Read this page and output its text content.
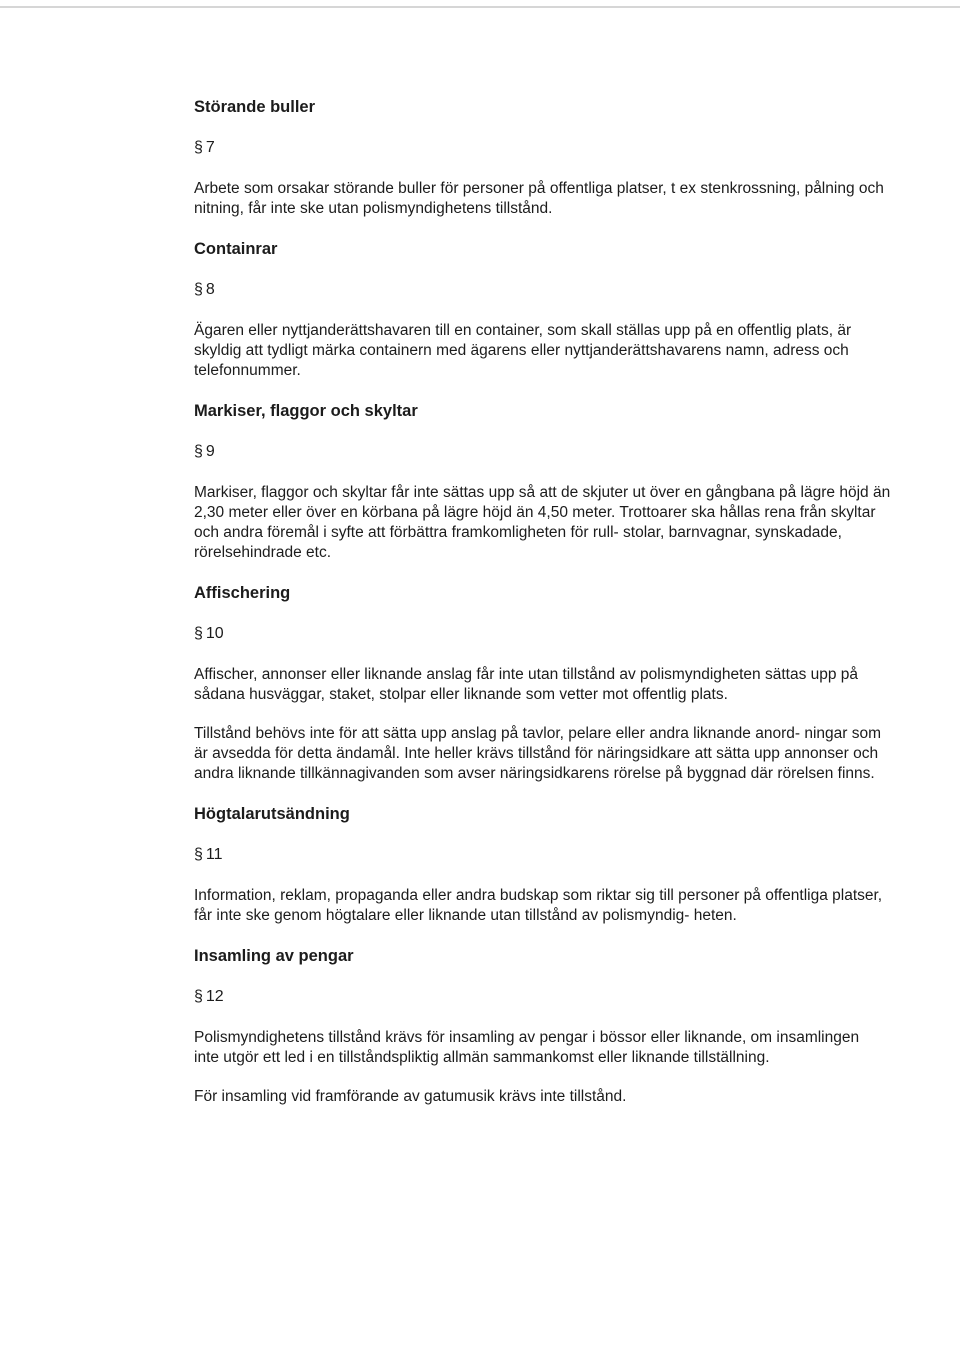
Störande buller

§ 7

Arbete som orsakar störande buller för personer på offentliga platser, t ex stenkrossning, pålning och nitning, får inte ske utan polismyndighetens tillstånd.

Containrar

§ 8

Ägaren eller nyttjanderättshavaren till en container, som skall ställas upp på en offentlig plats, är skyldig att tydligt märka containern med ägarens eller nyttjanderättshavarens namn, adress och telefonnummer.

Markiser, flaggor och skyltar

§ 9

Markiser, flaggor och skyltar får inte sättas upp så att de skjuter ut över en gångbana på lägre höjd än 2,30 meter eller över en körbana på lägre höjd än 4,50 meter. Trottoarer ska hållas rena från skyltar och andra föremål i syfte att förbättra framkomligheten för rull- stolar, barnvagnar, synskadade, rörelsehindrade etc.

Affischering

§ 10

Affischer, annonser eller liknande anslag får inte utan tillstånd av polismyndigheten sättas upp på sådana husväggar, staket, stolpar eller liknande som vetter mot offentlig plats.

Tillstånd behövs inte för att sätta upp anslag på tavlor, pelare eller andra liknande anord- ningar som är avsedda för detta ändamål. Inte heller krävs tillstånd för näringsidkare att sätta upp annonser och andra liknande tillkännagivanden som avser näringsidkarens rörelse på byggnad där rörelsen finns.

Högtalarutsändning

§ 11

Information, reklam, propaganda eller andra budskap som riktar sig till personer på offentliga platser, får inte ske genom högtalare eller liknande utan tillstånd av polismyndig- heten.

Insamling av pengar

§ 12

Polismyndighetens tillstånd krävs för insamling av pengar i bössor eller liknande, om insamlingen inte utgör ett led i en tillståndspliktig allmän sammankomst eller liknande tillställning.

För insamling vid framförande av gatumusik krävs inte tillstånd.
